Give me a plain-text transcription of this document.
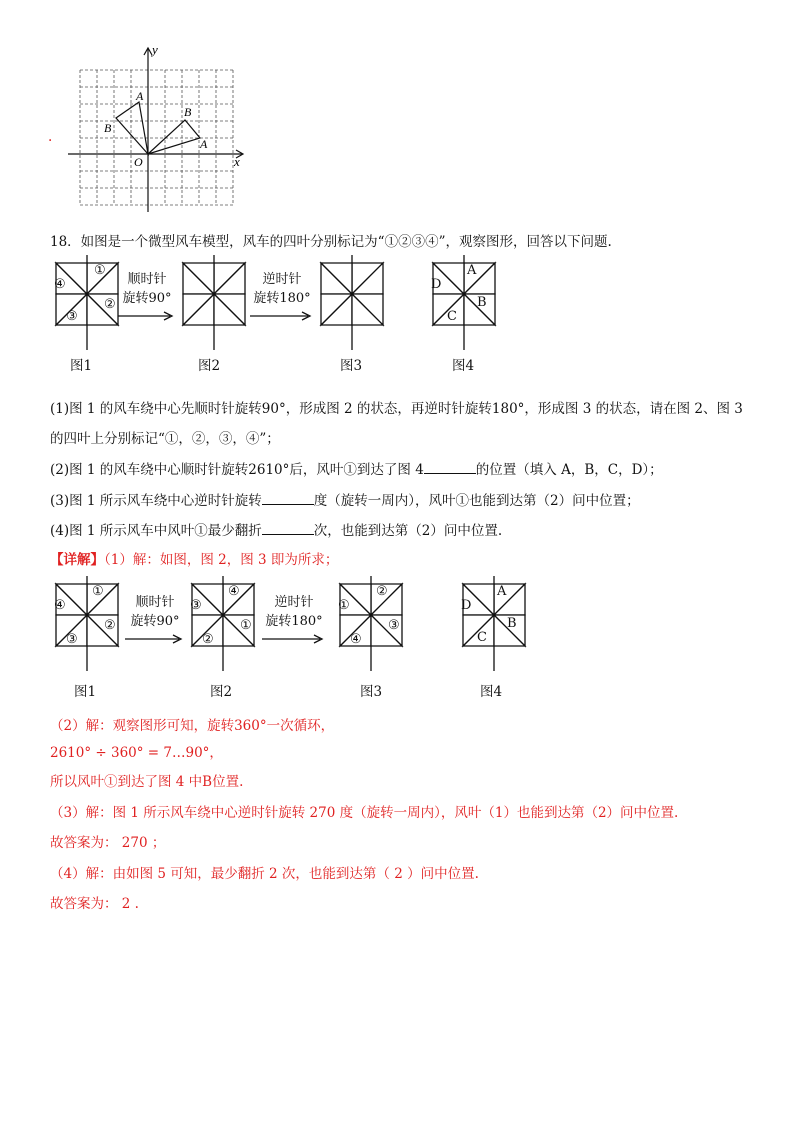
.
y
x
O
A
B
B
A
18．如图是一个微型风车模型，风车的四叶分别标记为“①②③④”，观察图形，回答以下问题.
①
④
②
③
顺时针
旋转90°
逆时针
旋转180°
A
D
B
C
图1	图2	图3	图4
(1)图 1 的风车绕中心先顺时针旋转90°，形成图 2 的状态，再逆时针旋转180°，形成图 3 的状态，请在图 2、图 3
的四叶上分别标记“①，②，③，④”；
(2)图 1 的风车绕中心顺时针旋转2610°后，风叶①到达了图 4	的位置（填入 A，B，C，D）；
(3)图 1 所示风车绕中心逆时针旋转	度（旋转一周内），风叶①也能到达第（2）问中位置；
(4)图 1 所示风车中风叶①最少翻折	次，也能到达第（2）问中位置.
【详解】（1）解：如图，图 2，图 3 即为所求；
①
④
②
③
顺时针
旋转90°
④
③
①
②
逆时针
旋转180°
②
①
③
④
A
D
B
C
图1	图2	图3	图4
（2）解：观察图形可知，旋转360°一次循环，
2610° ÷ 360° = 7…90°，
所以风叶①到达了图 4 中B位置.
（3）解：图 1 所示风车绕中心逆时针旋转 270 度（旋转一周内），风叶（1）也能到达第（2）问中位置.
故答案为： 270 ；
（4）解：由如图 5 可知，最少翻折 2 次，也能到达第（ 2 ）问中位置.
故答案为： 2 .
